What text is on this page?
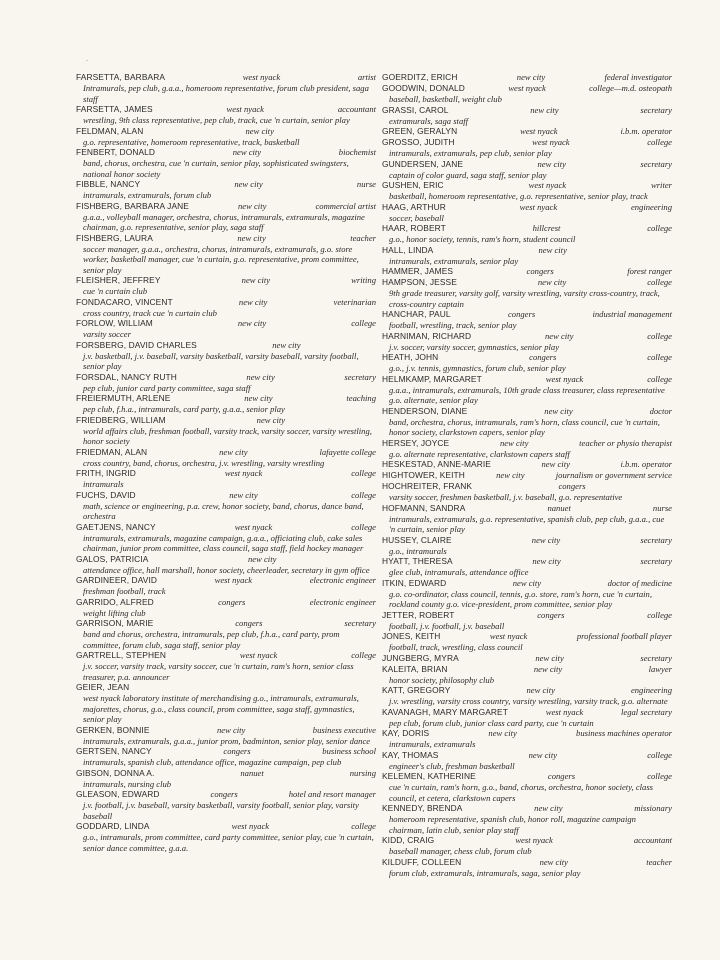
-
FARSETTA, BARBARA	west nyack	artist
Intramurals, pep club, g.a.a., homeroom representative, forum club president, saga staff
FARSETTA, JAMES	west nyack	accountant
wrestling, 9th class representative, pep club, track, cue 'n curtain, senior play
FELDMAN, ALAN	new city
g.o. representative, homeroom representative, track, basketball
FENBERT, DONALD	new city	biochemist
band, chorus, orchestra, cue 'n curtain, senior play, sophisticated swingsters, national honor society
FIBBLE, NANCY	new city	nurse
intramurals, extramurals, forum club
FISHBERG, BARBARA JANE	new city	commercial artist
g.a.a., volleyball manager, orchestra, chorus, intramurals, extramurals, magazine chairman, g.o. representative, senior play, saga staff
FISHBERG, LAURA	new city	teacher
soccer manager, g.a.a., orchestra, chorus, intramurals, extramurals, g.o. store worker, basketball manager, cue 'n curtain, g.o. representative, prom committee, senior play
FLEISHER, JEFFREY	new city	writing
cue 'n curtain club
FONDACARO, VINCENT	new city	veterinarian
cross country, track cue 'n curtain club
FORLOW, WILLIAM	new city	college
varsity soccer
FORSBERG, DAVID CHARLES	new city
j.v. basketball, j.v. baseball, varsity basketball, varsity baseball, varsity football, senior play
FORSDAL, NANCY RUTH	new city	secretary
pep club, junior card party committee, saga staff
FREIERMUTH, ARLENE	new city	teaching
pep club, f.h.a., intramurals, card party, g.a.a., senior play
FRIEDBERG, WILLIAM	new city
world affairs club, freshman football, varsity track, varsity soccer, varsity wrestling, honor society
FRIEDMAN, ALAN	new city	lafayette college
cross country, band, chorus, orchestra, j.v. wrestling, varsity wrestling
FRITH, INGRID	west nyack	college
intramurals
FUCHS, DAVID	new city	college
math, science or engineering, p.a. crew, honor society, band, chorus, dance band, orchestra
GAETJENS, NANCY	west nyack	college
intramurals, extramurals, magazine campaign, g.a.a., officiating club, cake sales chairman, junior prom committee, class council, saga staff, field hockey manager
GALOS, PATRICIA	new city
attendance office, hall marshall, honor society, cheerleader, secretary in gym office
GARDINEER, DAVID	west nyack	electronic engineer
freshman football, track
GARRIDO, ALFRED	congers	electronic engineer
weight lifting club
GARRISON, MARIE	congers	secretary
band and chorus, orchestra, intramurals, pep club, f.h.a., card party, prom committee, forum club, saga staff, senior play
GARTRELL, STEPHEN	west nyack	college
j.v. soccer, varsity track, varsity soccer, cue 'n curtain, ram's horn, senior class treasurer, p.a. announcer
GEIER, JEAN
west nyack laboratory institute of merchandising g.o., intramurals, extramurals, majorettes, chorus, g.o., class council, prom committee, saga staff, gymnastics, senior play
GERKEN, BONNIE	new city	business executive
intramurals, extramurals, g.a.a., junior prom, badminton, senior play, senior dance
GERTSEN, NANCY	congers	business school
intramurals, spanish club, attendance office, magazine campaign, pep club
GIBSON, DONNA A.	nanuet	nursing
intramurals, nursing club
GLEASON, EDWARD	congers	hotel and resort manager
j.v. football, j.v. baseball, varsity basketball, varsity football, senior play, varsity baseball
GODDARD, LINDA	west nyack	college
g.o., intramurals, prom committee, card party committee, senior play, cue 'n curtain, senior dance committee, g.a.a.
GOERDITZ, ERICH	new city	federal investigator
GOODWIN, DONALD	west nyack	college—m.d. osteopath
baseball, basketball, weight club
GRASSI, CAROL	new city	secretary
extramurals, saga staff
GREEN, GERALYN	west nyack	i.b.m. operator
GROSSO, JUDITH	west nyack	college
intramurals, extramurals, pep club, senior play
GUNDERSEN, JANE	new city	secretary
captain of color guard, saga staff, senior play
GUSHEN, ERIC	west nyack	writer
basketball, homeroom representative, g.o. representative, senior play, track
HAAG, ARTHUR	west nyack	engineering
soccer, baseball
HAAR, ROBERT	hillcrest	college
g.o., honor society, tennis, ram's horn, student council
HALL, LINDA	new city
intramurals, extramurals, senior play
HAMMER, JAMES	congers	forest ranger
HAMPSON, JESSE	new city	college
9th grade treasurer, varsity golf, varsity wrestling, varsity cross-country, track, cross-country captain
HANCHAR, PAUL	congers	industrial management
football, wrestling, track, senior play
HARNIMAN, RICHARD	new city	college
j.v. soccer, varsity soccer, gymnastics, senior play
HEATH, JOHN	congers	college
g.o., j.v. tennis, gymnastics, forum club, senior play
HELMKAMP, MARGARET	west nyack	college
g.a.a., intramurals, extramurals, 10th grade class treasurer, class representative g.o. alternate, senior play
HENDERSON, DIANE	new city	doctor
band, orchestra, chorus, intramurals, ram's horn, class council, cue 'n curtain, honor society, clarkstown capers, senior play
HERSEY, JOYCE	new city	teacher or physio therapist
g.o. alternate representative, clarkstown capers staff
HESKESTAD, ANNE-MARIE	new city	i.b.m. operator
HIGHTOWER, KEITH	new city	journalism or government service
HOCHREITER, FRANK	congers
varsity soccer, freshmen basketball, j.v. baseball, g.o. representative
HOFMANN, SANDRA	nanuet	nurse
intramurals, extramurals, g.o. representative, spanish club, pep club, g.a.a., cue 'n curtain, senior play
HUSSEY, CLAIRE	new city	secretary
g.o., intramurals
HYATT, THERESA	new city	secretary
glee club, intramurals, attendance office
ITKIN, EDWARD	new city	doctor of medicine
g.o. co-ordinator, class council, tennis, g.o. store, ram's horn, cue 'n curtain, rockland county g.o. vice-president, prom committee, senior play
JETTER, ROBERT	congers	college
football, j.v. football, j.v. baseball
JONES, KEITH	west nyack	professional football player
football, track, wrestling, class council
JUNGBERG, MYRA	new city	secretary
KALEITA, BRIAN	new city	lawyer
honor society, philosophy club
KATT, GREGORY	new city	engineering
j.v. wrestling, varsity cross country, varsity wrestling, varsity track, g.o. alternate
KAVANAGH, MARY MARGARET	west nyack	legal secretary
pep club, forum club, junior class card party, cue 'n curtain
KAY, DORIS	new city	business machines operator
intramurals, extramurals
KAY, THOMAS	new city	college
engineer's club, freshman basketball
KELEMEN, KATHERINE	congers	college
cue 'n curtain, ram's horn, g.o., band, chorus, orchestra, honor society, class council, et cetera, clarkstown capers
KENNEDY, BRENDA	new city	missionary
homeroom representative, spanish club, honor roll, magazine campaign chairman, latin club, senior play staff
KIDD, CRAIG	west nyack	accountant
baseball manager, chess club, forum club
KILDUFF, COLLEEN	new city	teacher
forum club, extramurals, intramurals, saga, senior play
